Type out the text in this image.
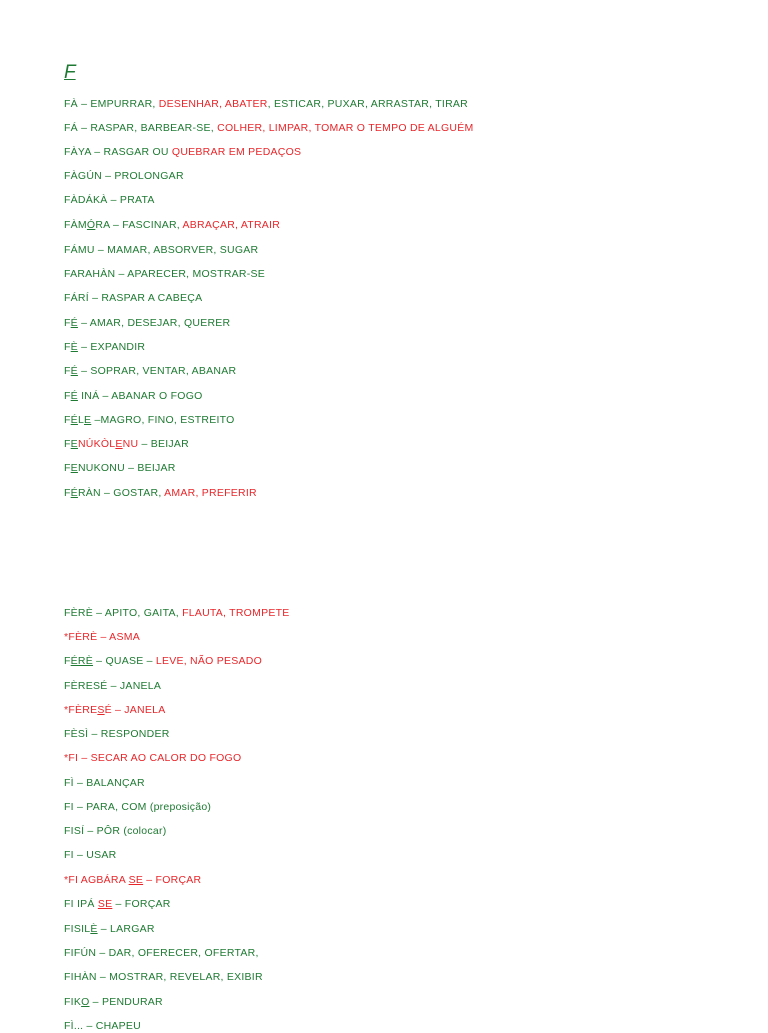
F
FÀ – EMPURRAR, DESENHAR, ABATER, ESTICAR, PUXAR, ARRASTAR, TIRAR
FÁ – RASPAR, BARBEAR-SE, COLHER, LIMPAR, TOMAR O TEMPO DE ALGUÉM
FÀYA – RASGAR OU QUEBRAR EM PEDAÇOS
FÀGÚN – PROLONGAR
FÀDÁKÀ – PRATA
FÀMÓRA – FASCINAR, ABRAÇAR, ATRAIR
FÁMU – MAMAR, ABSORVER, SUGAR
FARAHÀN – APARECER, MOSTRAR-SE
FÁRÍ – RASPAR A CABEÇA
FÉ – AMAR, DESEJAR, QUERER
FÈ – EXPANDIR
FÉ – SOPRAR, VENTAR, ABANAR
FÉ INÁ – ABANAR O FOGO
FÉLE –MAGRO, FINO, ESTREITO
FENÚKÒLENU – BEIJAR
FENUKONU – BEIJAR
FÉRÀN – GOSTAR, AMAR, PREFERIR
FÈRÈ – APITO, GAITA, FLAUTA, TROMPETE
*FÈRÈ – ASMA
FÉRÈ – QUASE – LEVE, NÃO PESADO
FÈRESÉ – JANELA
*FÈRESÉ – JANELA
FÈSÌ – RESPONDER
*FI – SECAR AO CALOR DO FOGO
FÌ – BALANÇAR
FI – PARA, COM (preposição)
FISÍ – PÔR (colocar)
FI – USAR
*FI AGBÁRA SE – FORÇAR
FI IPÁ SE – FORÇAR
FISILÈ – LARGAR
FIFÚN – DAR, OFERECER, OFERTAR,
FIHÀN – MOSTRAR, REVELAR, EXIBIR
FIKO – PENDURAR
FÌ... – CHAPEU
